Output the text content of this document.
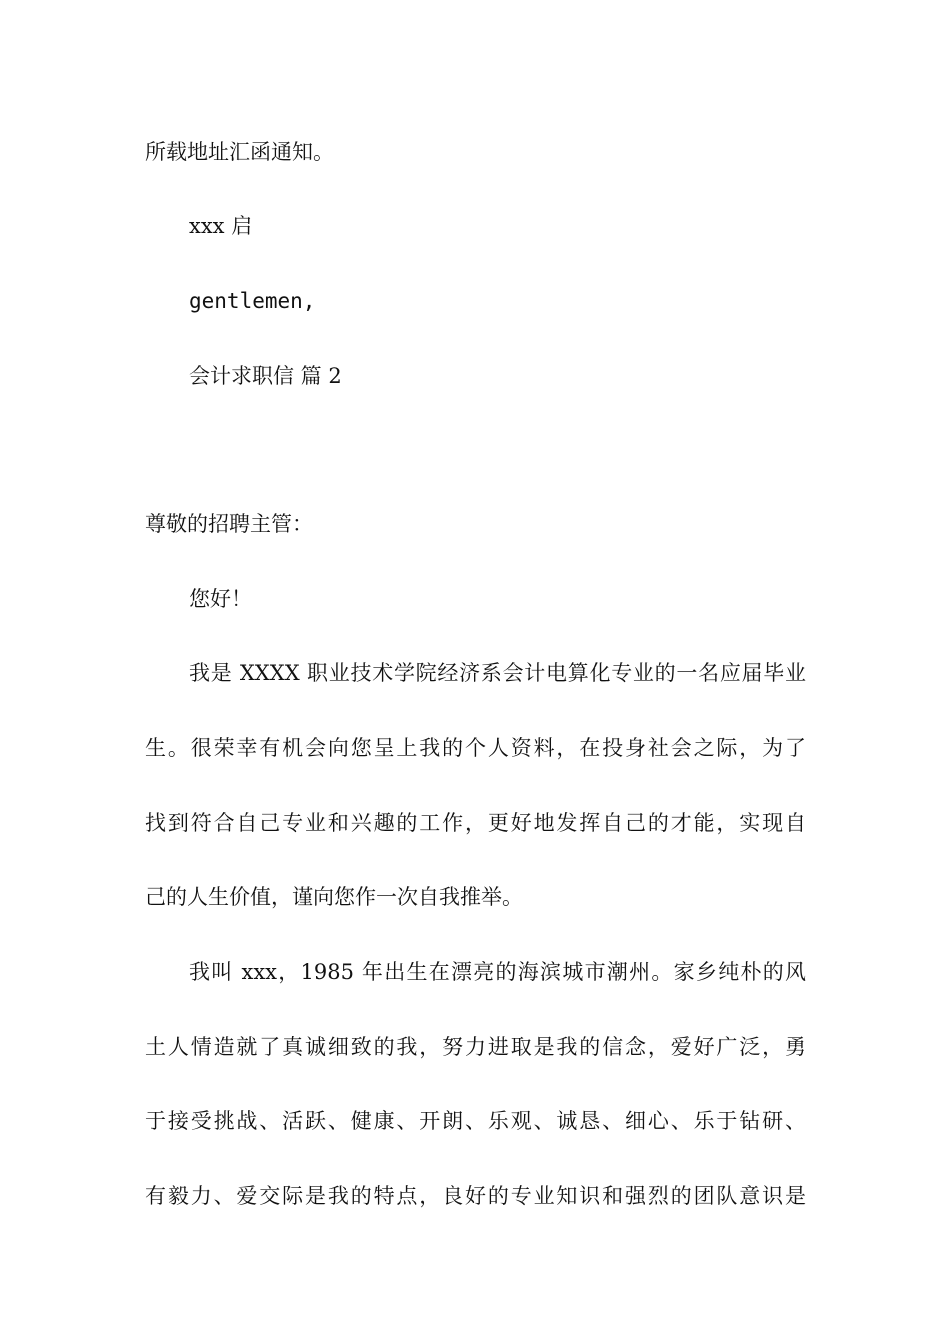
所载地址汇函通知。

xxx 启

gentlemen,

会计求职信 篇 2

尊敬的招聘主管：

您好！

我是 XXXX 职业技术学院经济系会计电算化专业的一名应届毕业

生。很荣幸有机会向您呈上我的个人资料，在投身社会之际，为了

找到符合自己专业和兴趣的工作，更好地发挥自己的才能，实现自

己的人生价值，谨向您作一次自我推举。

我叫 xxx，1985 年出生在漂亮的海滨城市潮州。家乡纯朴的风

土人情造就了真诚细致的我，努力进取是我的信念，爱好广泛，勇

于接受挑战、活跃、健康、开朗、乐观、诚恳、细心、乐于钻研、

有毅力、爱交际是我的特点，良好的专业知识和强烈的团队意识是
